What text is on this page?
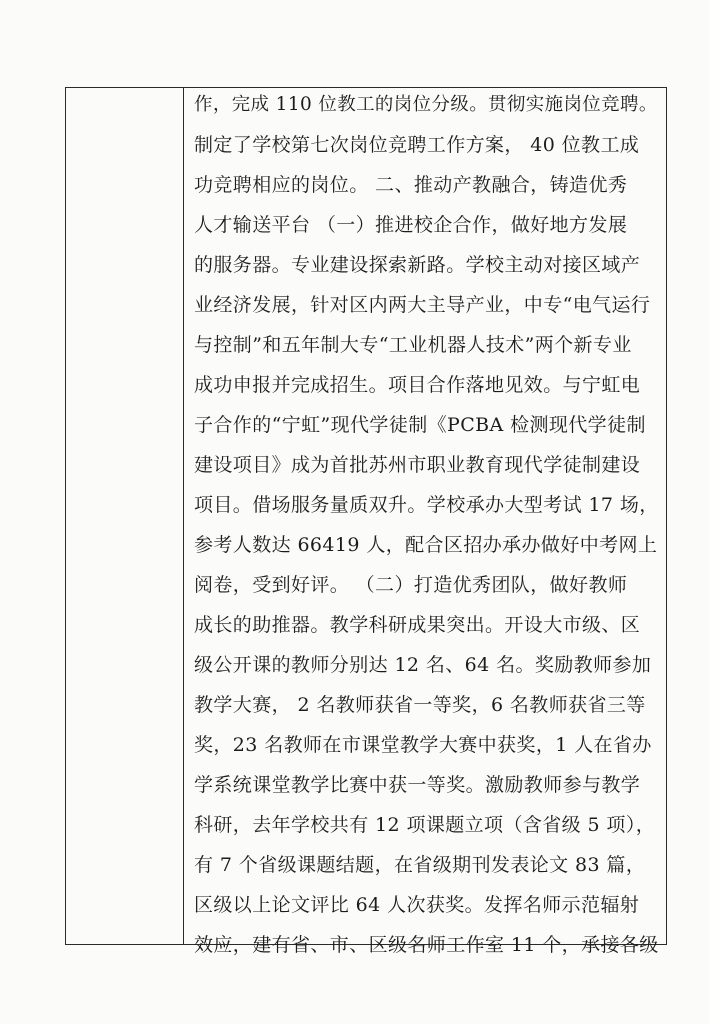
作，完成 110 位教工的岗位分级。贯彻实施岗位竞聘。
制定了学校第七次岗位竞聘工作方案， 40 位教工成
功竞聘相应的岗位。 二、推动产教融合，铸造优秀
人才输送平台 （一）推进校企合作，做好地方发展
的服务器。专业建设探索新路。学校主动对接区域产
业经济发展，针对区内两大主导产业，中专“电气运行
与控制”和五年制大专“工业机器人技术”两个新专业
成功申报并完成招生。项目合作落地见效。与宁虹电
子合作的“宁虹”现代学徒制《PCBA 检测现代学徒制
建设项目》成为首批苏州市职业教育现代学徒制建设
项目。借场服务量质双升。学校承办大型考试 17 场，
参考人数达 66419 人，配合区招办承办做好中考网上
阅卷，受到好评。 （二）打造优秀团队，做好教师
成长的助推器。教学科研成果突出。开设大市级、区
级公开课的教师分别达 12 名、64 名。奖励教师参加
教学大赛， 2 名教师获省一等奖，6 名教师获省三等
奖，23 名教师在市课堂教学大赛中获奖，1 人在省办
学系统课堂教学比赛中获一等奖。激励教师参与教学
科研，去年学校共有 12 项课题立项（含省级 5 项），
有 7 个省级课题结题，在省级期刊发表论文 83 篇，
区级以上论文评比 64 人次获奖。发挥名师示范辐射
效应，建有省、市、区级名师工作室 11 个，承接各级
